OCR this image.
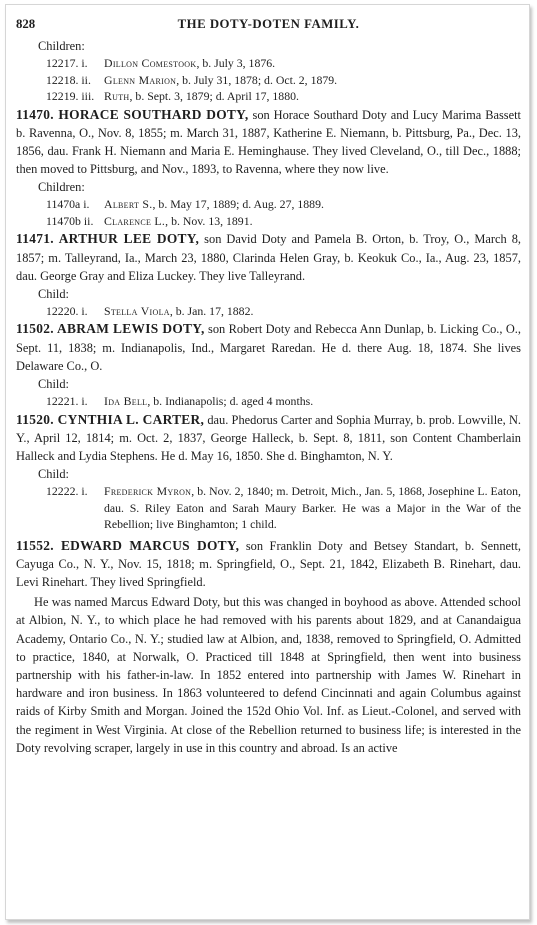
828	THE DOTY-DOTEN FAMILY.
Children:
12217. i.	Dillon Comestook, b. July 3, 1876.
12218. ii.	Glenn Marion, b. July 31, 1878; d. Oct. 2, 1879.
12219. iii. Ruth, b. Sept. 3, 1879; d. April 17, 1880.
11470. HORACE SOUTHARD DOTY, son Horace Southard Doty and Lucy Marima Bassett b. Ravenna, O., Nov. 8, 1855; m. March 31, 1887, Katherine E. Niemann, b. Pittsburg, Pa., Dec. 13, 1856, dau. Frank H. Niemann and Maria E. Heminghause. They lived Cleveland, O., till Dec., 1888; then moved to Pittsburg, and Nov., 1893, to Ravenna, where they now live.
Children:
11470a i.	Albert S., b. May 17, 1889; d. Aug. 27, 1889.
11470b ii. Clarence L., b. Nov. 13, 1891.
11471. ARTHUR LEE DOTY, son David Doty and Pamela B. Orton, b. Troy, O., March 8, 1857; m. Talleyrand, Ia., March 23, 1880, Clarinda Helen Gray, b. Keokuk Co., Ia., Aug. 23, 1857, dau. George Gray and Eliza Luckey. They live Talleyrand.
Child:
12220. i.	Stella Viola, b. Jan. 17, 1882.
11502. ABRAM LEWIS DOTY, son Robert Doty and Rebecca Ann Dunlap, b. Licking Co., O., Sept. 11, 1838; m. Indianapolis, Ind., Margaret Raredan. He d. there Aug. 18, 1874. She lives Delaware Co., O.
Child:
12221. i.	Ida Bell, b. Indianapolis; d. aged 4 months.
11520. CYNTHIA L. CARTER, dau. Phedorus Carter and Sophia Murray, b. prob. Lowville, N. Y., April 12, 1814; m. Oct. 2, 1837, George Halleck, b. Sept. 8, 1811, son Content Chamberlain Halleck and Lydia Stephens. He d. May 16, 1850. She d. Binghamton, N. Y.
Child:
12222. i.	Frederick Myron, b. Nov. 2, 1840; m. Detroit, Mich., Jan. 5, 1868, Josephine L. Eaton, dau. S. Riley Eaton and Sarah Maury Barker. He was a Major in the War of the Rebellion; live Binghamton; 1 child.
11552. EDWARD MARCUS DOTY, son Franklin Doty and Betsey Standart, b. Sennett, Cayuga Co., N. Y., Nov. 15, 1818; m. Springfield, O., Sept. 21, 1842, Elizabeth B. Rinehart, dau. Levi Rinehart. They lived Springfield.
He was named Marcus Edward Doty, but this was changed in boyhood as above. Attended school at Albion, N. Y., to which place he had removed with his parents about 1829, and at Canandaigua Academy, Ontario Co., N. Y.; studied law at Albion, and, 1838, removed to Springfield, O. Admitted to practice, 1840, at Norwalk, O. Practiced till 1848 at Springfield, then went into business partnership with his father-in-law. In 1852 entered into partnership with James W. Rinehart in hardware and iron business. In 1863 volunteered to defend Cincinnati and again Columbus against raids of Kirby Smith and Morgan. Joined the 152d Ohio Vol. Inf. as Lieut.-Colonel, and served with the regiment in West Virginia. At close of the Rebellion returned to business life; is interested in the Doty revolving scraper, largely in use in this country and abroad. Is an active
